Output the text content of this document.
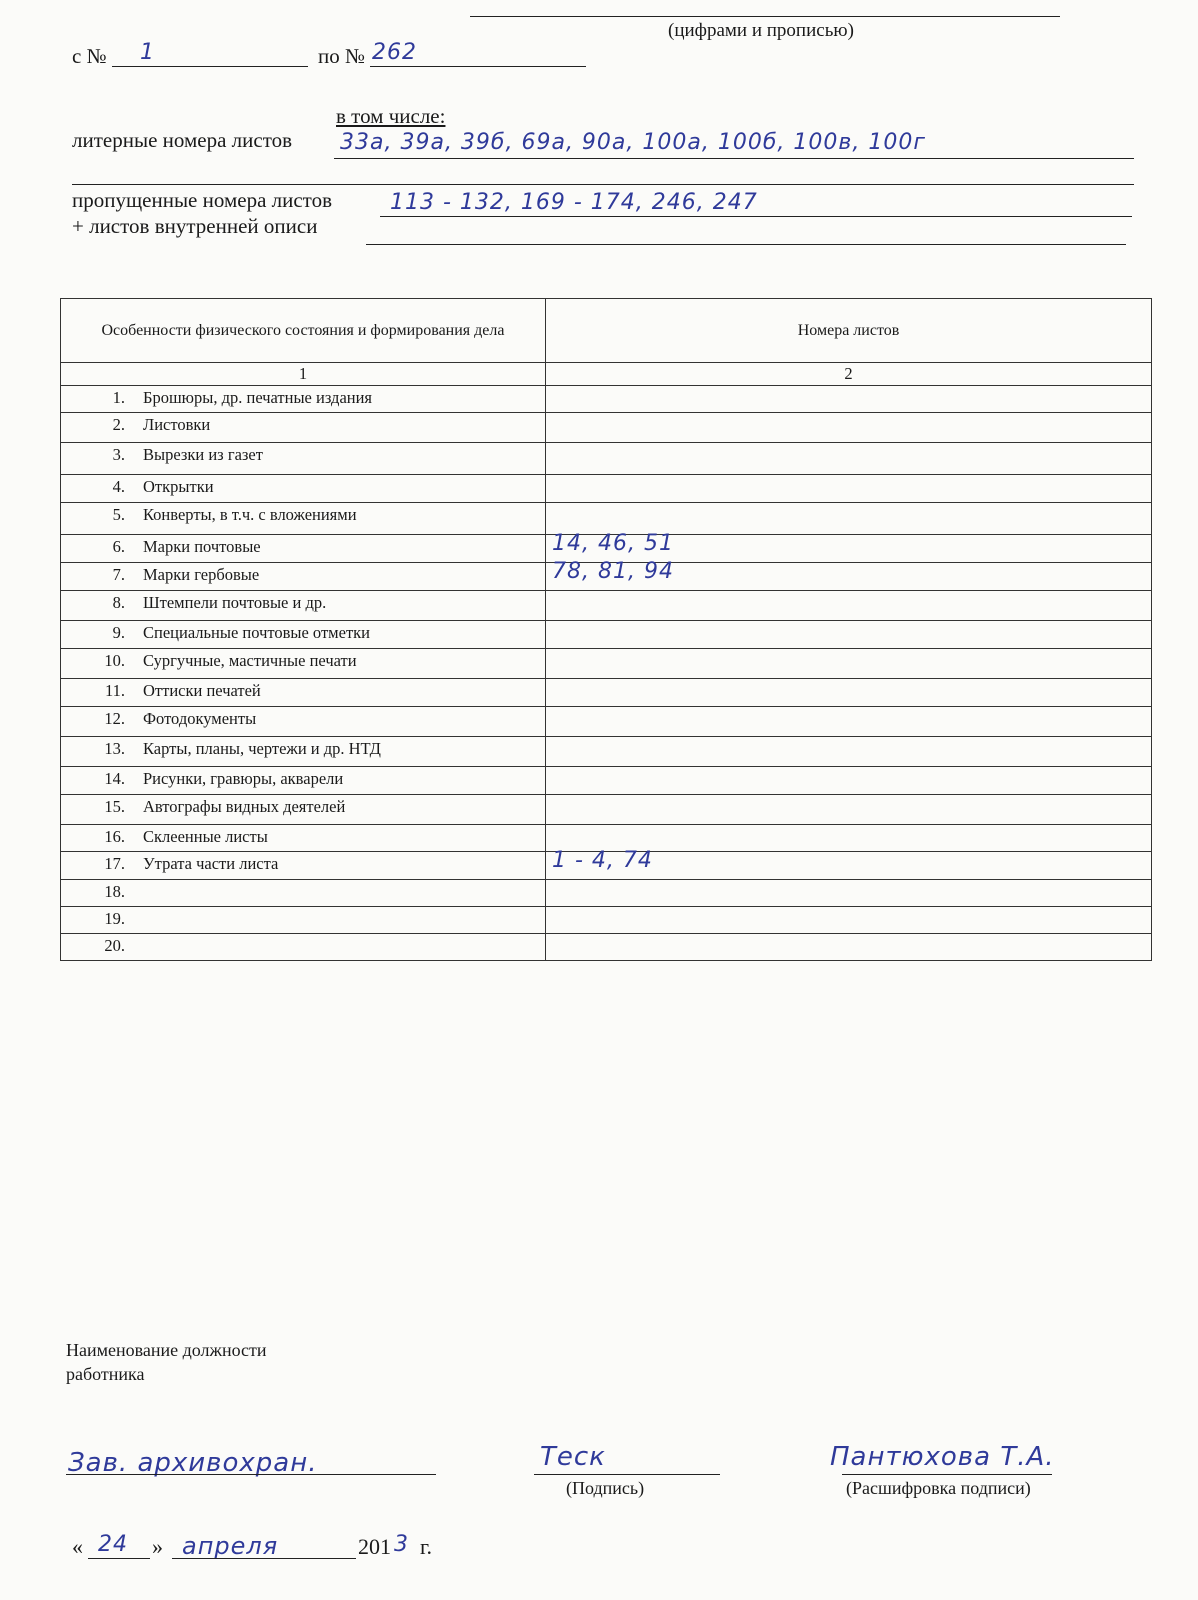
(цифрами и прописью)
с № 1	по № 262
в том числе:
литерные номера листов 33а, 39а, 39б, 69а, 90а, 100а, 100б, 100в, 100г
пропущенные номера листов	113 - 132, 169 - 174, 246, 247
+ листов внутренней описи
Особенности физического состояния и формирования дела	Номера листов
1	2

1. Брошюры, др. печатные издания	

2. Листовки	

3. Вырезки из газет	

4. Открытки	

5. Конверты, в т.ч. с вложениями	

6. Марки почтовые	14, 46, 51

7. Марки гербовые	78, 81, 94

8. Штемпели почтовые и др.	

9. Специальные почтовые отметки	

10. Сургучные, мастичные печати	

11. Оттиски печатей	

12. Фотодокументы	

13. Карты, планы, чертежи и др. НТД	

14. Рисунки, гравюры, акварели	

15. Автографы видных деятелей	

16. Склеенные листы	

17. Утрата части листа	1 - 4, 74

18.	

19.	

20.	

Наименование должности
работника
Зав. архивохран.	Теск
(Подпись)
Пантюхова Т.А.
(Расшифровка подписи)
« 24 » апреля	201 3 г.
